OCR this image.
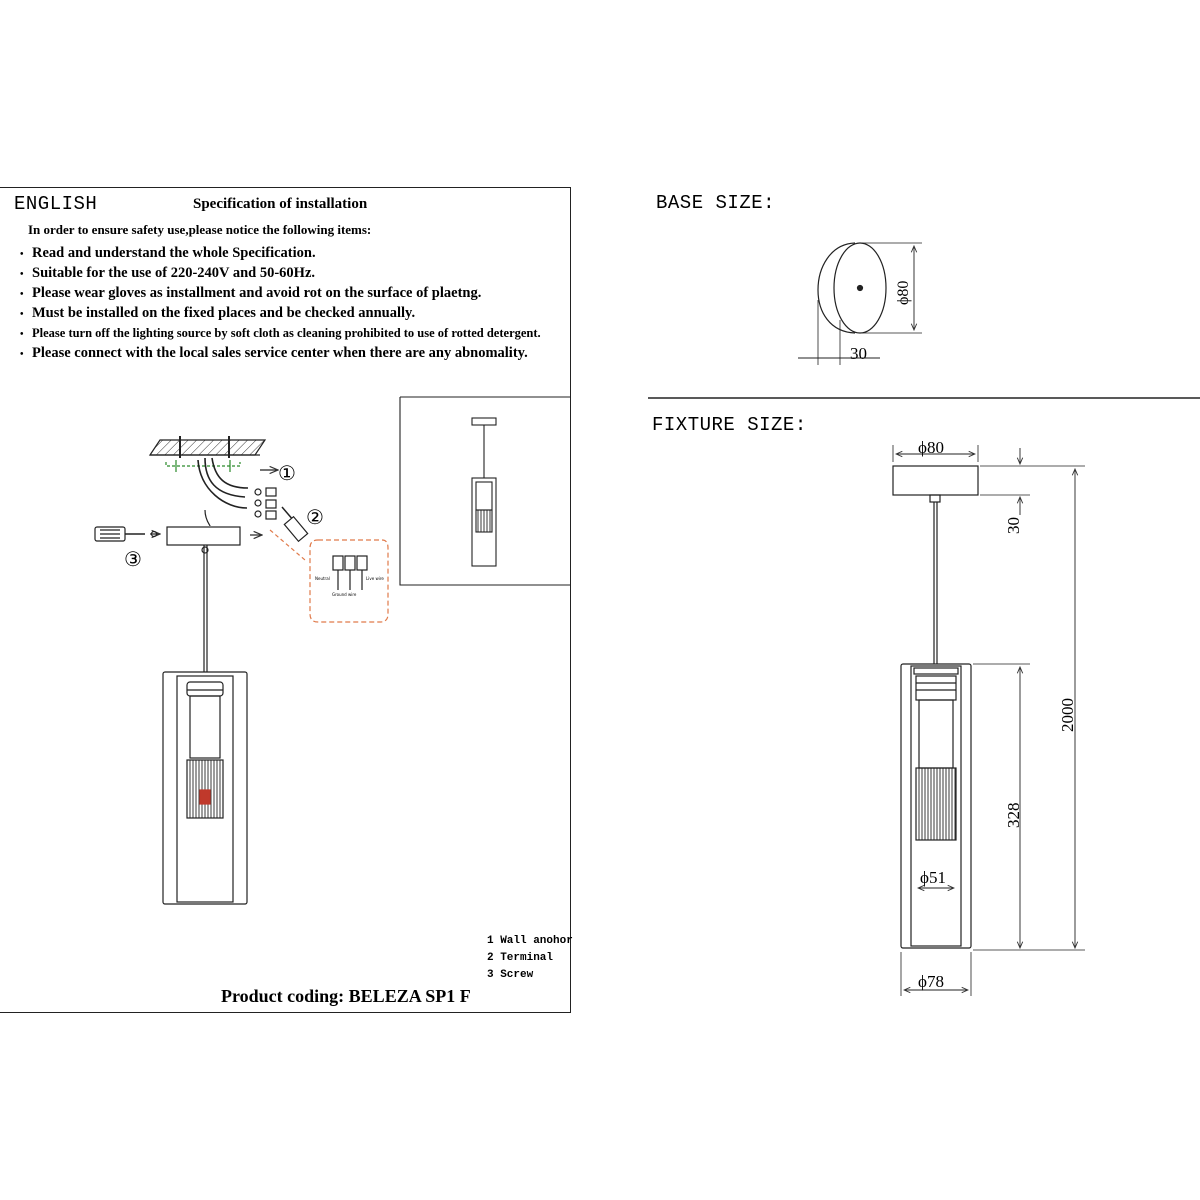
ENGLISH	Specification of installation
In order to ensure safety use,please notice the following items:
• Read and understand the whole Specification.
• Suitable for the use of 220-240V and 50-60Hz.
• Please wear gloves as installment and avoid rot on the surface of plaetng.
• Must be installed on the fixed places and be checked annually.
• Please turn off the lighting source by soft cloth as cleaning prohibited to use of rotted detergent.
• Please connect with the local sales service center when there are any abnomality.
①
②
③
Neutral
Ground wire
Live wire
ϕ80
30
ϕ80
30
2000
328
ϕ51
ϕ78
BASE SIZE:
FIXTURE SIZE:
1 Wall anohor
2 Terminal
3 Screw
Product coding: BELEZA SP1 F
